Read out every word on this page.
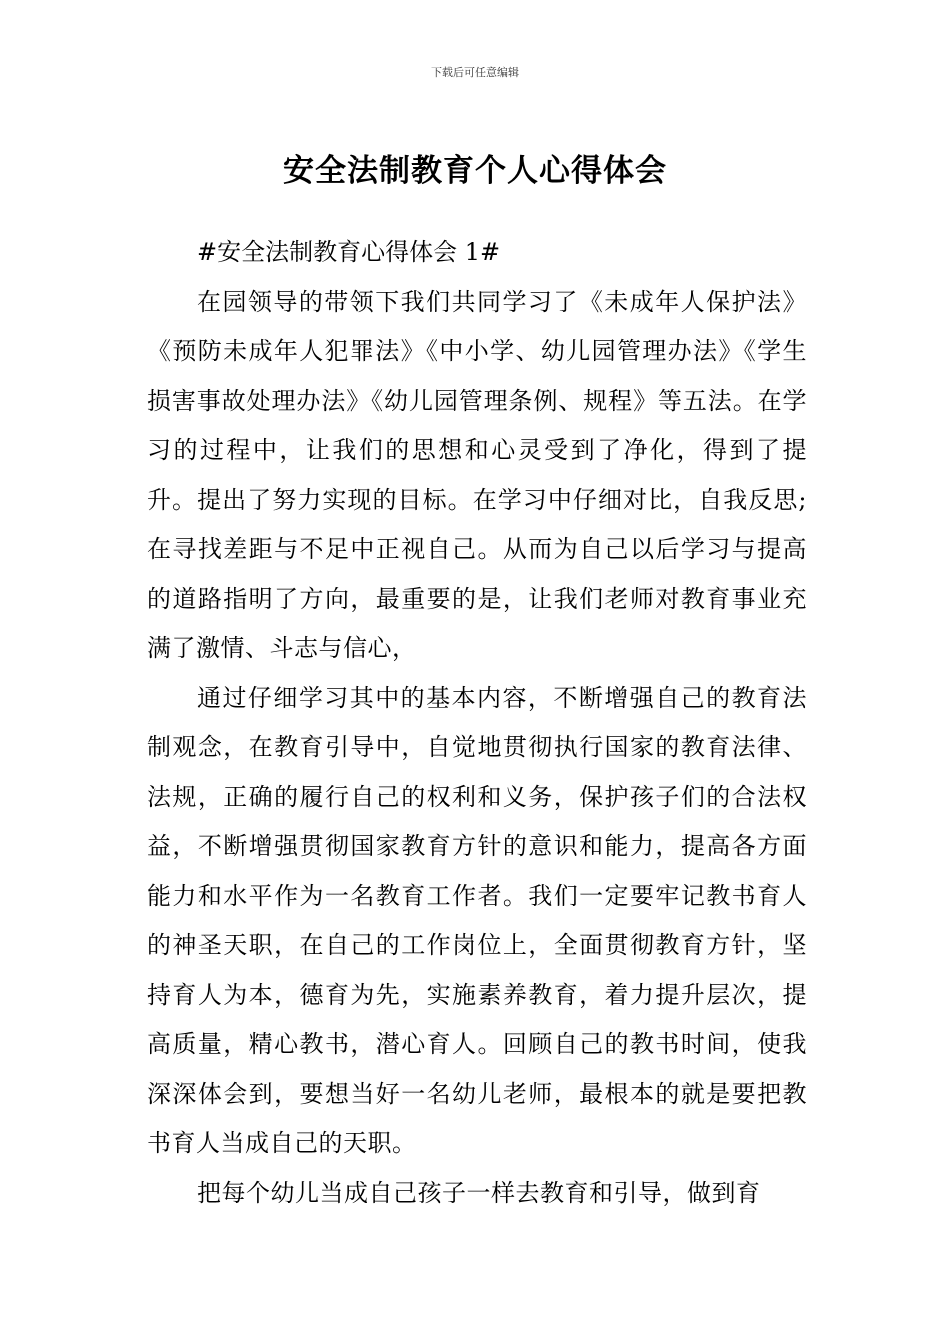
下载后可任意编辑
安全法制教育个人心得体会

#安全法制教育心得体会 1#

在园领导的带领下我们共同学习了《未成年人保护法》《预防未成年人犯罪法》《中小学、幼儿园管理办法》《学生损害事故处理办法》《幼儿园管理条例、规程》等五法。在学习的过程中，让我们的思想和心灵受到了净化，得到了提升。提出了努力实现的目标。在学习中仔细对比，自我反思;在寻找差距与不足中正视自己。从而为自己以后学习与提高的道路指明了方向，最重要的是，让我们老师对教育事业充满了激情、斗志与信心，

通过仔细学习其中的基本内容，不断增强自己的教育法制观念，在教育引导中，自觉地贯彻执行国家的教育法律、法规，正确的履行自己的权利和义务，保护孩子们的合法权益，不断增强贯彻国家教育方针的意识和能力，提高各方面能力和水平作为一名教育工作者。我们一定要牢记教书育人的神圣天职，在自己的工作岗位上，全面贯彻教育方针，坚持育人为本，德育为先，实施素养教育，着力提升层次，提高质量，精心教书，潜心育人。回顾自己的教书时间，使我深深体会到，要想当好一名幼儿老师，最根本的就是要把教书育人当成自己的天职。

把每个幼儿当成自己孩子一样去教育和引导，做到育
